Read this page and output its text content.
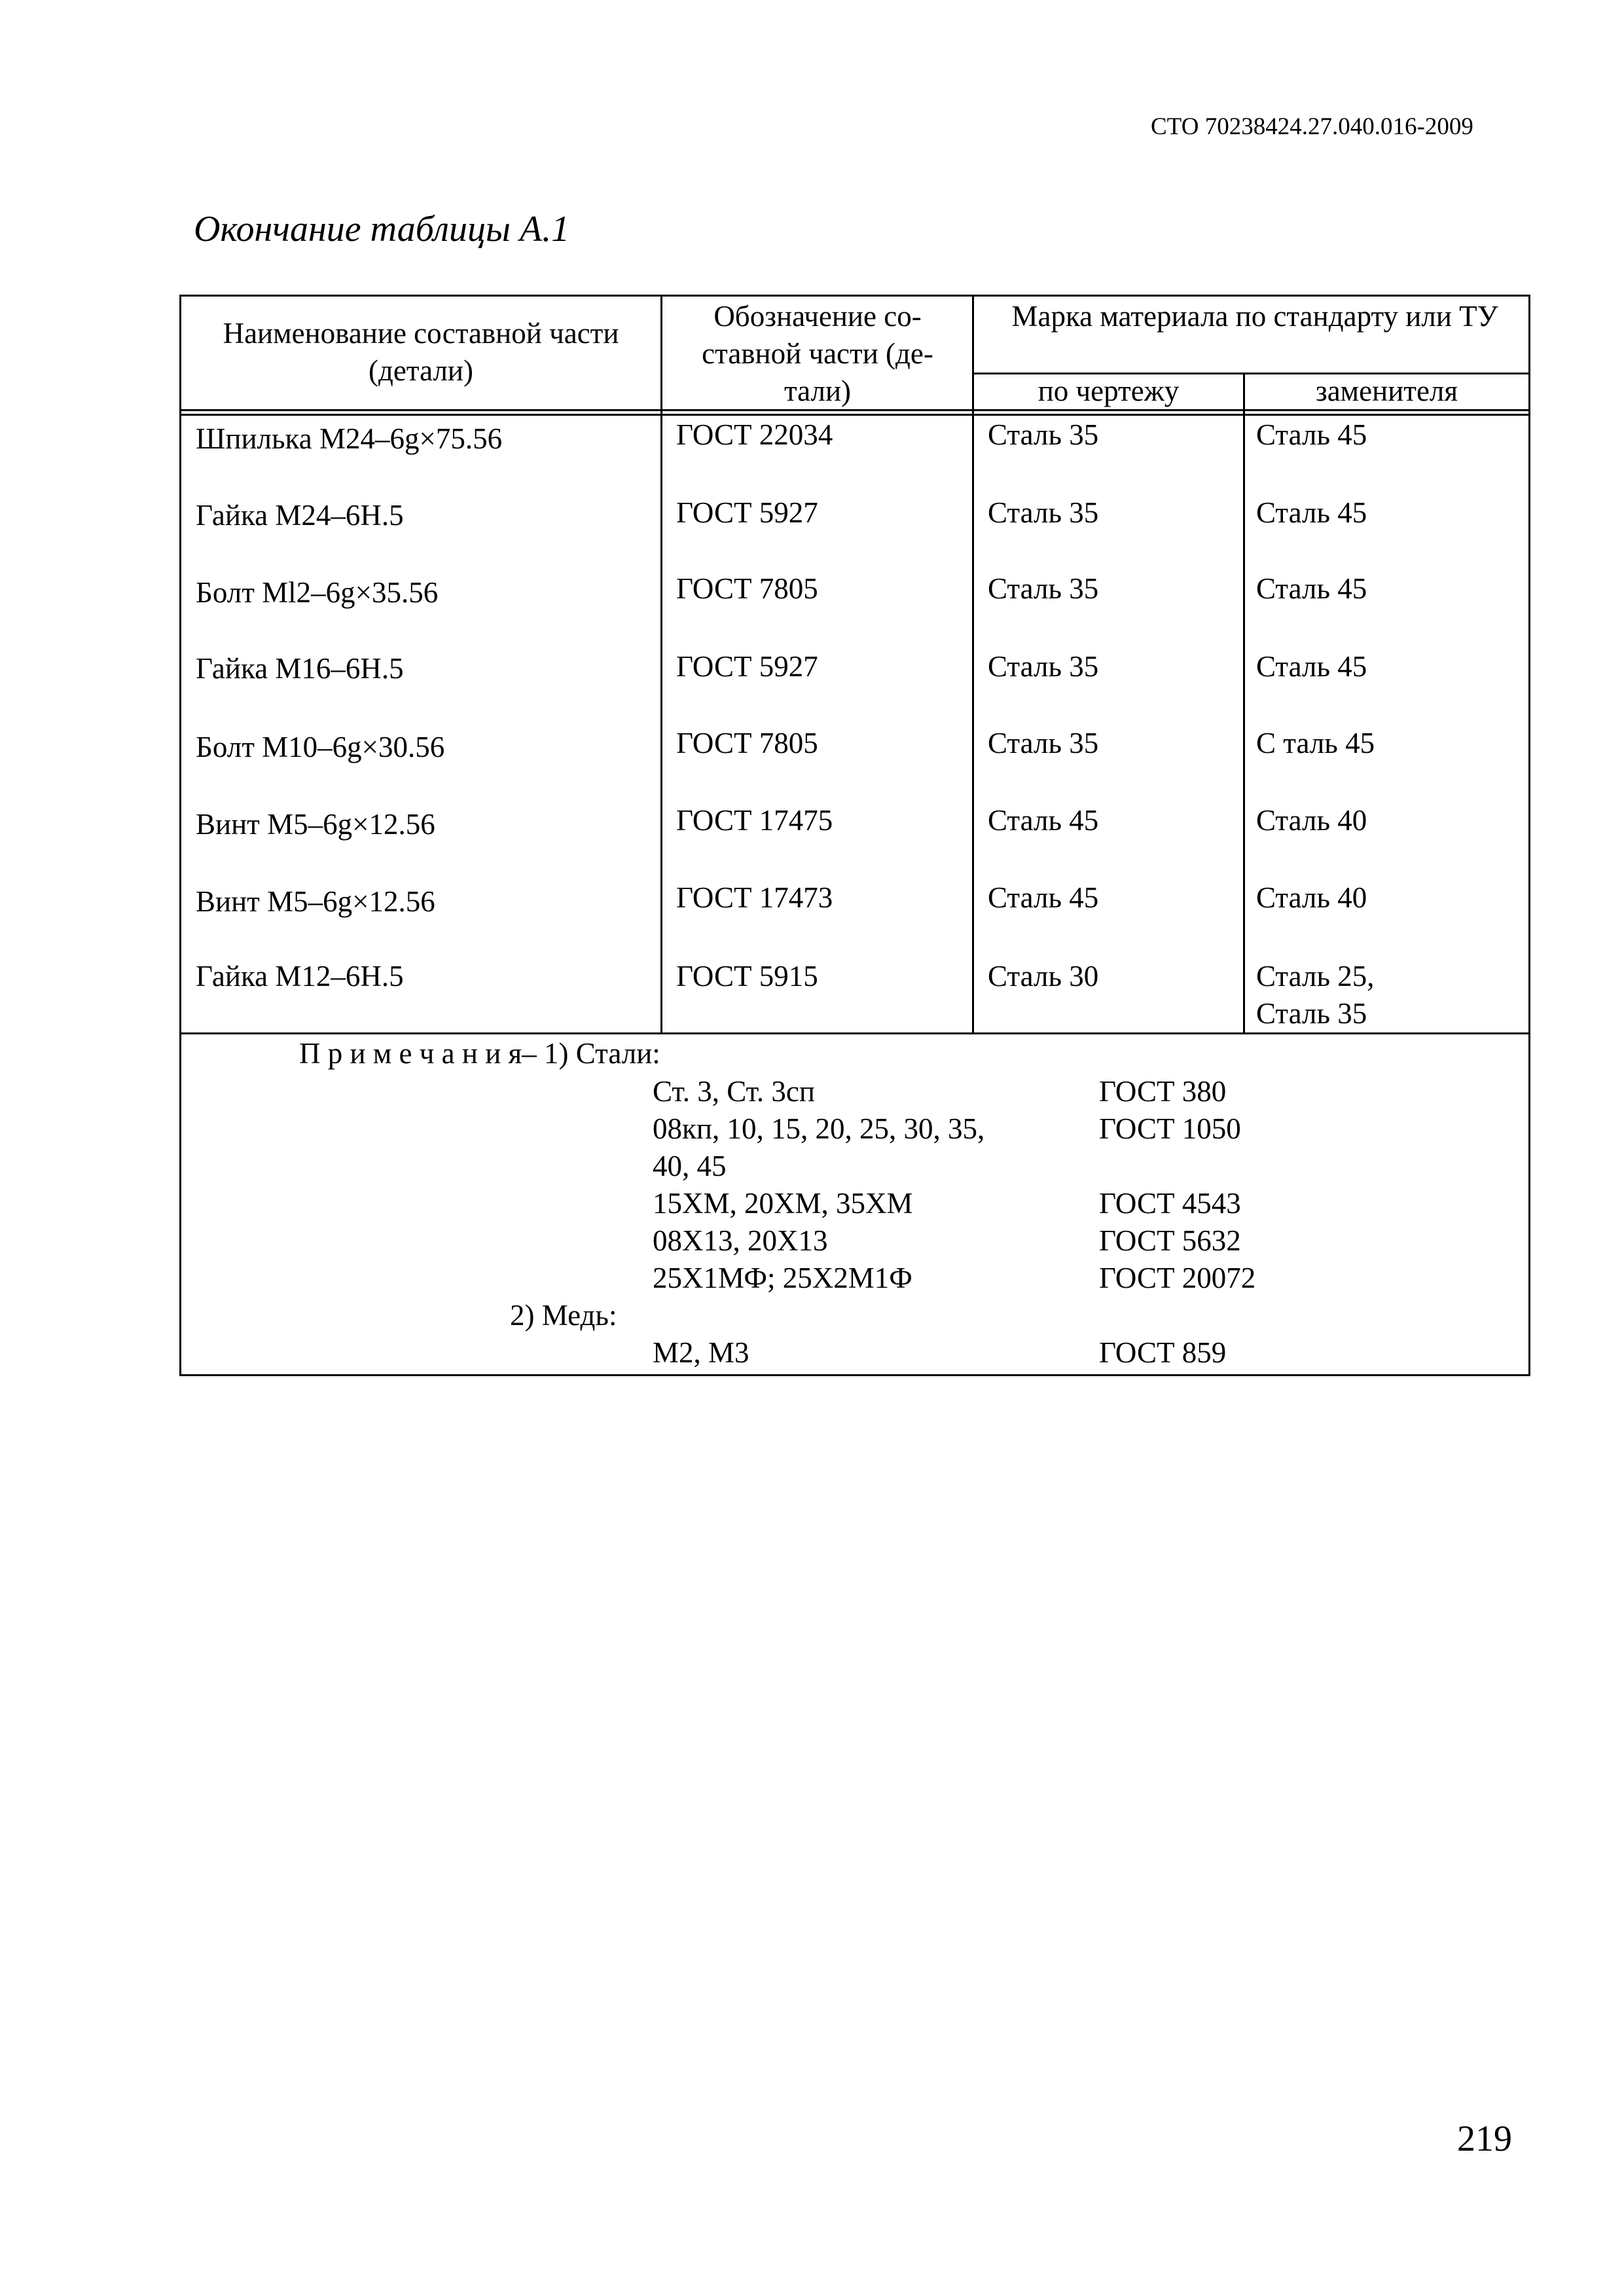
СТО 70238424.27.040.016-2009
Окончание таблицы А.1
Наименование составной части (детали)
Обозначение со-ставной части (де-тали)
Марка материала по стандарту или ТУ
по чертежу	заменителя
Шпилька М24–6g×75.56	ГОСТ 22034	Сталь 35	Сталь 45
Гайка М24–6Н.5	ГОСТ 5927	Сталь 35	Сталь 45
Болт Ml2–6g×35.56	ГОСТ 7805	Сталь 35	Сталь 45
Гайка М16–6Н.5	ГОСТ 5927	Сталь 35	Сталь 45
Болт М10–6g×30.56	ГОСТ 7805	Сталь 35	С таль 45
Винт М5–6g×12.56	ГОСТ 17475	Сталь 45	Сталь 40
Винт М5–6g×12.56	ГОСТ 17473	Сталь 45	Сталь 40
Гайка М12–6Н.5	ГОСТ 5915	Сталь 30	Сталь 25,
Сталь 35
П р и м е ч а н и я– 1) Стали:
Ст. 3, Ст. 3сп	ГОСТ 380
08кп, 10, 15, 20, 25, 30, 35,	ГОСТ 1050
40, 45
15ХМ, 20ХМ, 35ХМ	ГОСТ 4543
08Х13, 20Х13	ГОСТ 5632
25Х1МФ; 25Х2М1Ф	ГОСТ 20072
2) Медь:
М2, М3	ГОСТ 859
219
